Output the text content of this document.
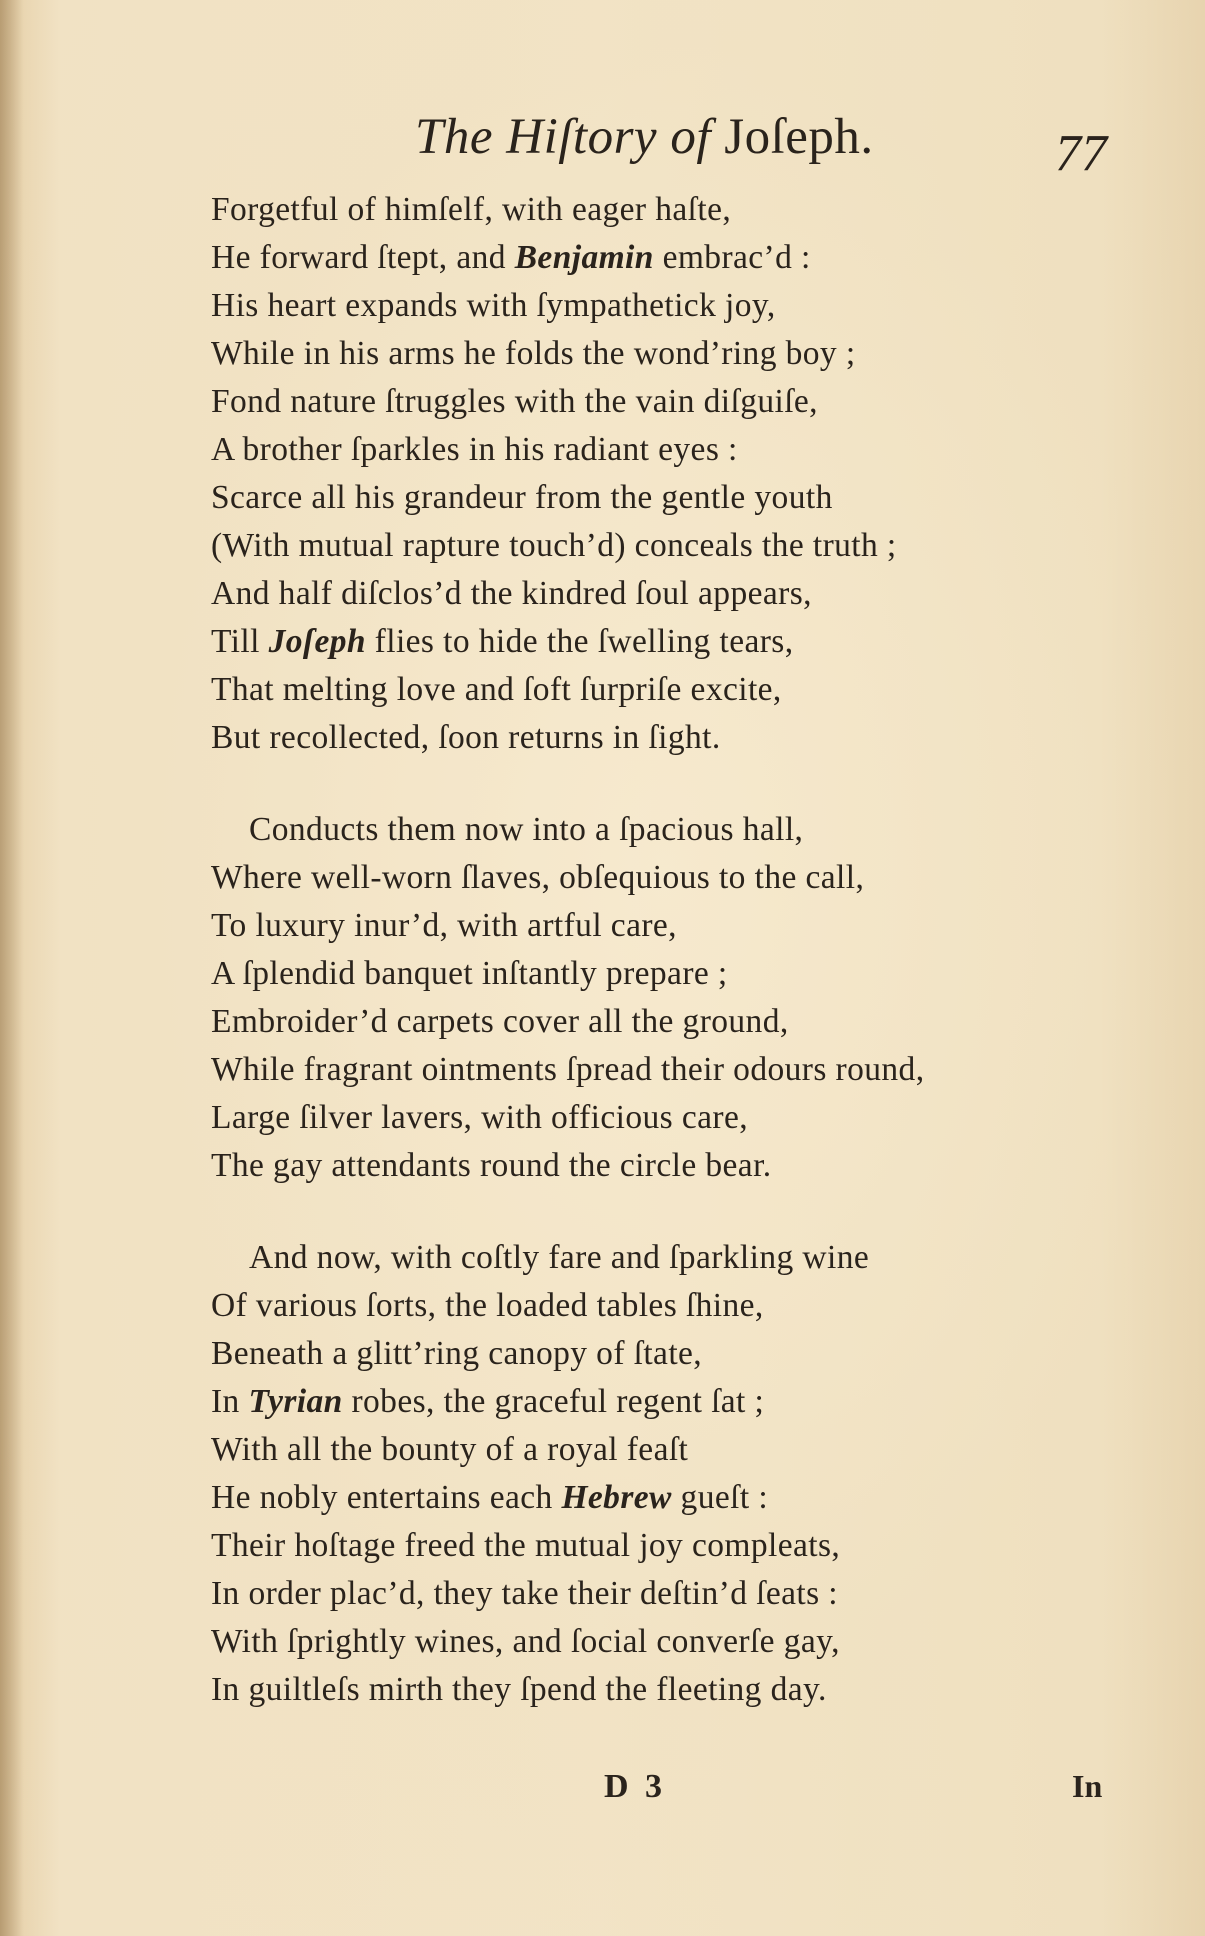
The Hiſtory of Joſeph.	77
Forgetful of himſelf, with eager haſte,
He forward ſtept, and Benjamin embrac’d :
His heart expands with ſympathetick joy,
While in his arms he folds the wond’ring boy ;
Fond nature ſtruggles with the vain diſguiſe,
A brother ſparkles in his radiant eyes :
Scarce all his grandeur from the gentle youth
(With mutual rapture touch’d) conceals the truth ;
And half diſclos’d the kindred ſoul appears,
Till Joſeph flies to hide the ſwelling tears,
That melting love and ſoft ſurpriſe excite,
But recollected, ſoon returns in ſight.
Conducts them now into a ſpacious hall,
Where well-worn ſlaves, obſequious to the call,
To luxury inur’d, with artful care,
A ſplendid banquet inſtantly prepare ;
Embroider’d carpets cover all the ground,
While fragrant ointments ſpread their odours round,
Large ſilver lavers, with officious care,
The gay attendants round the circle bear.
And now, with coſtly fare and ſparkling wine
Of various ſorts, the loaded tables ſhine,
Beneath a glitt’ring canopy of ſtate,
In Tyrian robes, the graceful regent ſat ;
With all the bounty of a royal feaſt
He nobly entertains each Hebrew gueſt :
Their hoſtage freed the mutual joy compleats,
In order plac’d, they take their deſtin’d ſeats :
With ſprightly wines, and ſocial converſe gay,
In guiltleſs mirth they ſpend the fleeting day.
D 3	In
